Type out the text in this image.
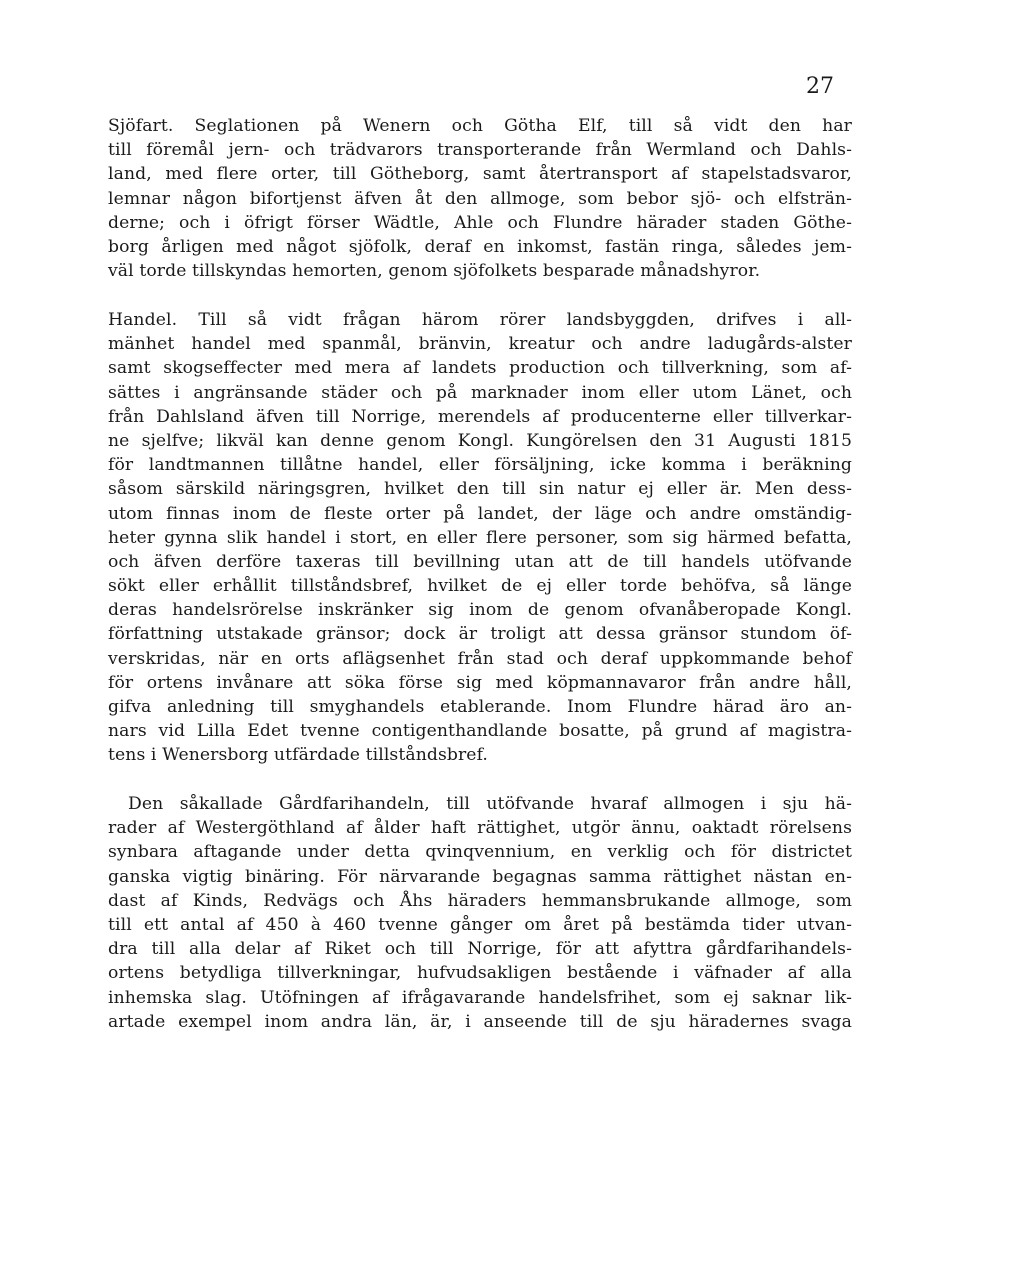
27
Sjöfart. Seglationen på Wenern och Götha Elf, till så vidt den har
till föremål jern- och trädvarors transporterande från Wermland och Dahls-
land, med flere orter, till Götheborg, samt återtransport af stapelstadsvaror,
lemnar någon bifortjenst äfven åt den allmoge, som bebor sjö- och elfsträn-
derne; och i öfrigt förser Wädtle, Ahle och Flundre härader staden Göthe-
borg årligen med något sjöfolk, deraf en inkomst, fastän ringa, således jem-
väl torde tillskyndas hemorten, genom sjöfolkets besparade månadshyror.
Handel. Till så vidt frågan härom rörer landsbyggden, drifves i all-
mänhet handel med spanmål, bränvin, kreatur och andre ladugårds-alster
samt skogseffecter med mera af landets production och tillverkning, som af-
sättes i angränsande städer och på marknader inom eller utom Länet, och
från Dahlsland äfven till Norrige, merendels af producenterne eller tillverkar-
ne sjelfve; likväl kan denne genom Kongl. Kungörelsen den 31 Augusti 1815
för landtmannen tillåtne handel, eller försäljning, icke komma i beräkning
såsom särskild näringsgren, hvilket den till sin natur ej eller är. Men dess-
utom finnas inom de fleste orter på landet, der läge och andre omständig-
heter gynna slik handel i stort, en eller flere personer, som sig härmed befatta,
och äfven derföre taxeras till bevillning utan att de till handels utöfvande
sökt eller erhållit tillståndsbref, hvilket de ej eller torde behöfva, så länge
deras handelsrörelse inskränker sig inom de genom ofvanåberopade Kongl.
författning utstakade gränsor; dock är troligt att dessa gränsor stundom öf-
verskridas, när en orts aflägsenhet från stad och deraf uppkommande behof
för ortens invånare att söka förse sig med köpmannavaror från andre håll,
gifva anledning till smyghandels etablerande. Inom Flundre härad äro an-
nars vid Lilla Edet tvenne contigenthandlande bosatte, på grund af magistra-
tens i Wenersborg utfärdade tillståndsbref.
Den såkallade Gårdfarihandeln, till utöfvande hvaraf allmogen i sju hä-
rader af Westergöthland af ålder haft rättighet, utgör ännu, oaktadt rörelsens
synbara aftagande under detta qvinqvennium, en verklig och för districtet
ganska vigtig binäring. För närvarande begagnas samma rättighet nästan en-
dast af Kinds, Redvägs och Åhs häraders hemmansbrukande allmoge, som
till ett antal af 450 à 460 tvenne gånger om året på bestämda tider utvan-
dra till alla delar af Riket och till Norrige, för att afyttra gårdfarihandels-
ortens betydliga tillverkningar, hufvudsakligen bestående i väfnader af alla
inhemska slag. Utöfningen af ifrågavarande handelsfrihet, som ej saknar lik-
artade exempel inom andra län, är, i anseende till de sju häradernes svaga
